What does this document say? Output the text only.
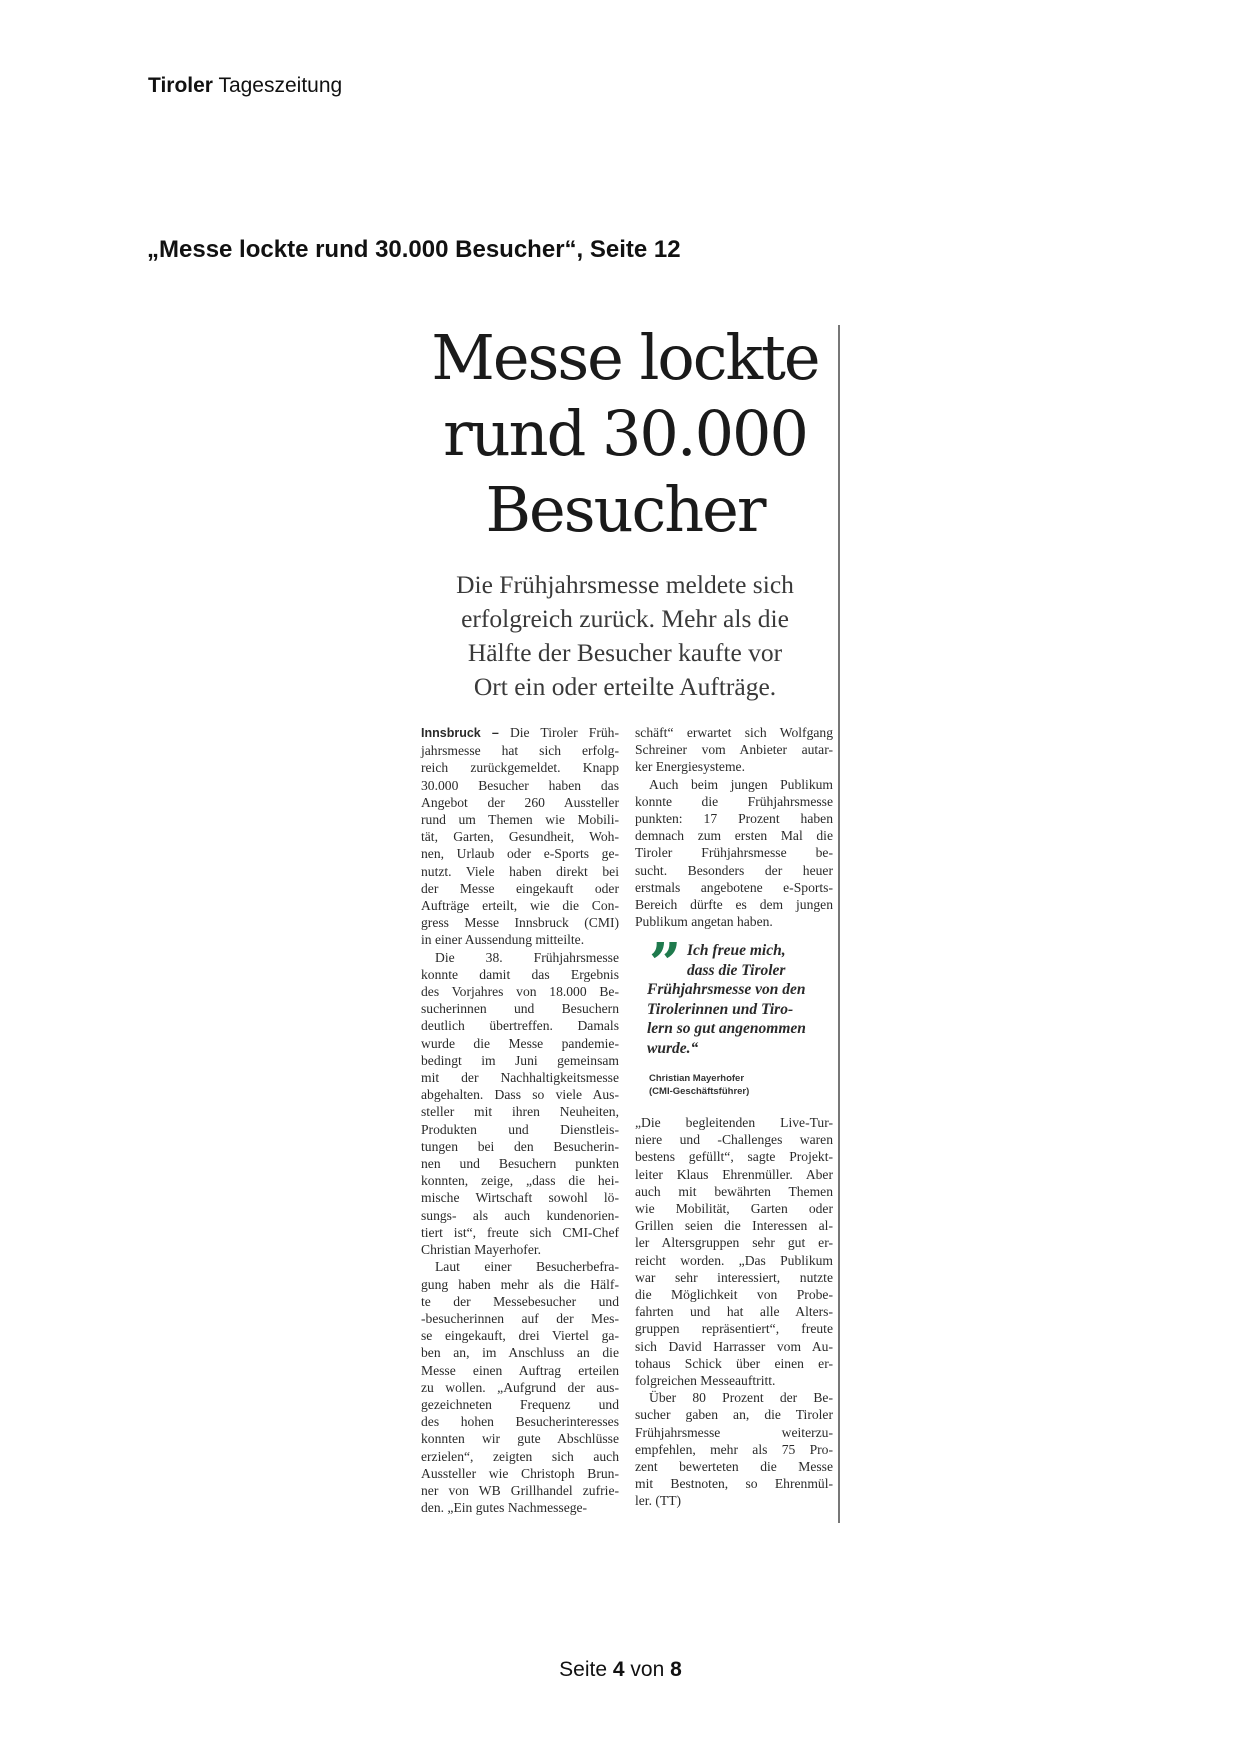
Tiroler Tageszeitung
„Messe lockte rund 30.000 Besucher“, Seite 12
Messe lockte
rund 30.000
Besucher
Die Frühjahrsmesse meldete sich
erfolgreich zurück. Mehr als die
Hälfte der Besucher kaufte vor
Ort ein oder erteilte Aufträge.
Innsbruck – Die Tiroler Früh-
jahrsmesse hat sich erfolg-
reich zurückgemeldet. Knapp
30.000 Besucher haben das
Angebot der 260 Aussteller
rund um Themen wie Mobili-
tät, Garten, Gesundheit, Woh-
nen, Urlaub oder e-Sports ge-
nutzt. Viele haben direkt bei
der Messe eingekauft oder
Aufträge erteilt, wie die Con-
gress Messe Innsbruck (CMI)
in einer Aussendung mitteilte.
Die 38. Frühjahrsmesse
konnte damit das Ergebnis
des Vorjahres von 18.000 Be-
sucherinnen und Besuchern
deutlich übertreffen. Damals
wurde die Messe pandemie-
bedingt im Juni gemeinsam
mit der Nachhaltigkeitsmesse
abgehalten. Dass so viele Aus-
steller mit ihren Neuheiten,
Produkten und Dienstleis-
tungen bei den Besucherin-
nen und Besuchern punkten
konnten, zeige, „dass die hei-
mische Wirtschaft sowohl lö-
sungs- als auch kundenorien-
tiert ist“, freute sich CMI-Chef
Christian Mayerhofer.
Laut einer Besucherbefra-
gung haben mehr als die Hälf-
te der Messebesucher und
-besucherinnen auf der Mes-
se eingekauft, drei Viertel ga-
ben an, im Anschluss an die
Messe einen Auftrag erteilen
zu wollen. „Aufgrund der aus-
gezeichneten Frequenz und
des hohen Besucherinteresses
konnten wir gute Abschlüsse
erzielen“, zeigten sich auch
Aussteller wie Christoph Brun-
ner von WB Grillhandel zufrie-
den. „Ein gutes Nachmessege-
schäft“ erwartet sich Wolfgang
Schreiner vom Anbieter autar-
ker Energiesysteme.
Auch beim jungen Publikum
konnte die Frühjahrsmesse
punkten: 17 Prozent haben
demnach zum ersten Mal die
Tiroler Frühjahrsmesse be-
sucht. Besonders der heuer
erstmals angebotene e-Sports-
Bereich dürfte es dem jungen
Publikum angetan haben.
” Ich freue mich,
dass die Tiroler
Frühjahrsmesse von den
Tirolerinnen und Tiro-
lern so gut angenommen
wurde.“
Christian Mayerhofer
(CMI-Geschäftsführer)
„Die begleitenden Live-Tur-
niere und -Challenges waren
bestens gefüllt“, sagte Projekt-
leiter Klaus Ehrenmüller. Aber
auch mit bewährten Themen
wie Mobilität, Garten oder
Grillen seien die Interessen al-
ler Altersgruppen sehr gut er-
reicht worden. „Das Publikum
war sehr interessiert, nutzte
die Möglichkeit von Probe-
fahrten und hat alle Alters-
gruppen repräsentiert“, freute
sich David Harrasser vom Au-
tohaus Schick über einen er-
folgreichen Messeauftritt.
Über 80 Prozent der Be-
sucher gaben an, die Tiroler
Frühjahrsmesse weiterzu-
empfehlen, mehr als 75 Pro-
zent bewerteten die Messe
mit Bestnoten, so Ehrenmül-
ler. (TT)
Seite 4 von 8
